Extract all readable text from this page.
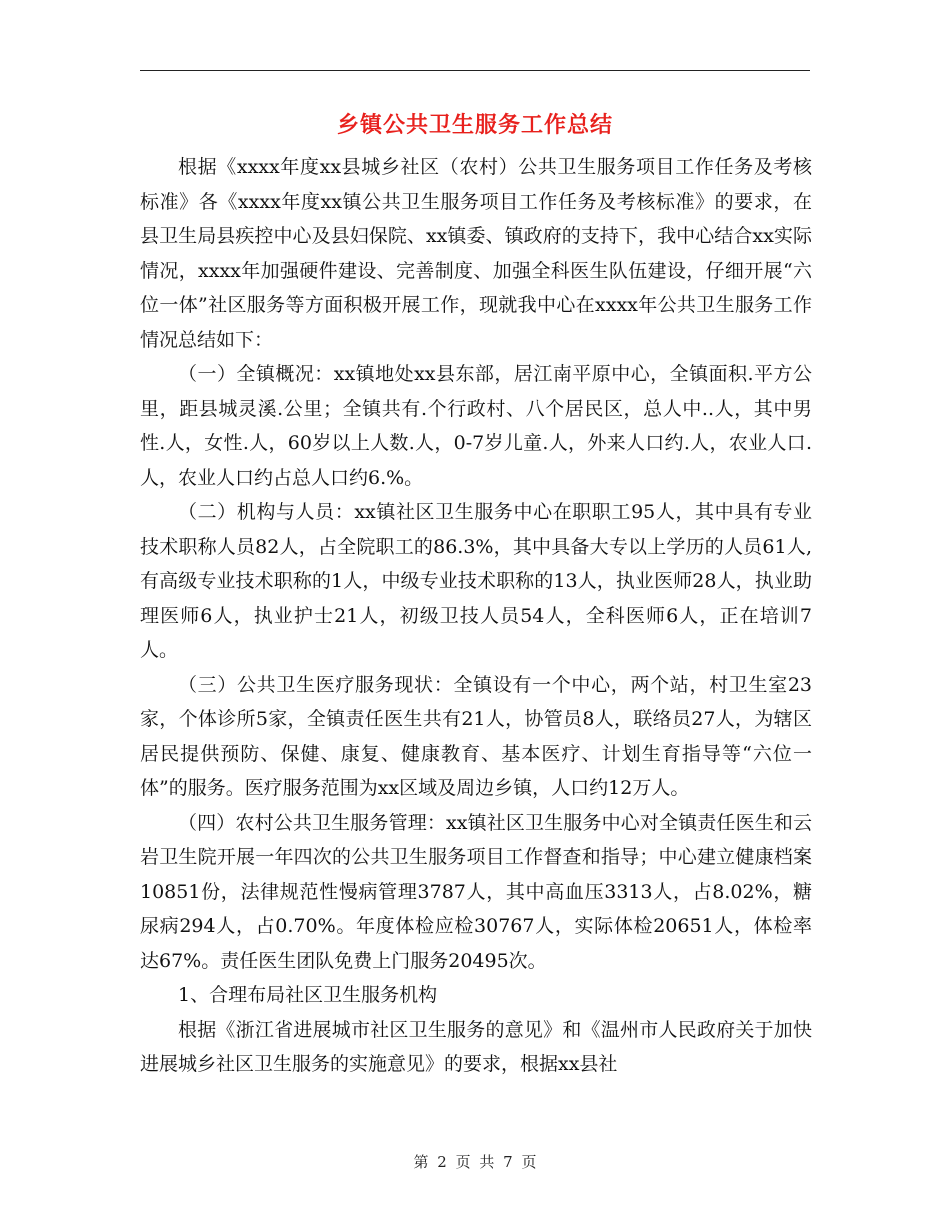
乡镇公共卫生服务工作总结

根据《xxxx年度xx县城乡社区（农村）公共卫生服务项目工作任务及考核标准》各《xxxx年度xx镇公共卫生服务项目工作任务及考核标准》的要求，在县卫生局县疾控中心及县妇保院、xx镇委、镇政府的支持下，我中心结合xx实际情况，xxxx年加强硬件建设、完善制度、加强全科医生队伍建设，仔细开展“六位一体”社区服务等方面积极开展工作，现就我中心在xxxx年公共卫生服务工作情况总结如下：

（一）全镇概况：xx镇地处xx县东部，居江南平原中心，全镇面积.平方公里，距县城灵溪.公里；全镇共有.个行政村、八个居民区，总人中..人，其中男性.人，女性.人，60岁以上人数.人，0-7岁儿童.人，外来人口约.人，农业人口.人，农业人口约占总人口约6.%。

（二）机构与人员：xx镇社区卫生服务中心在职职工95人，其中具有专业技术职称人员82人，占全院职工的86.3%，其中具备大专以上学历的人员61人,有高级专业技术职称的1人，中级专业技术职称的13人，执业医师28人，执业助理医师6人，执业护士21人，初级卫技人员54人，全科医师6人，正在培训7人。

（三）公共卫生医疗服务现状：全镇设有一个中心，两个站，村卫生室23家，个体诊所5家，全镇责任医生共有21人，协管员8人，联络员27人，为辖区居民提供预防、保健、康复、健康教育、基本医疗、计划生育指导等“六位一体”的服务。医疗服务范围为xx区域及周边乡镇，人口约12万人。

（四）农村公共卫生服务管理：xx镇社区卫生服务中心对全镇责任医生和云岩卫生院开展一年四次的公共卫生服务项目工作督查和指导；中心建立健康档案10851份，法律规范性慢病管理3787人，其中高血压3313人，占8.02%，糖尿病294人，占0.70%。年度体检应检30767人，实际体检20651人，体检率达67%。责任医生团队免费上门服务20495次。

1、合理布局社区卫生服务机构

根据《浙江省进展城市社区卫生服务的意见》和《温州市人民政府关于加快进展城乡社区卫生服务的实施意见》的要求，根据xx县社

第 2 页 共 7 页
